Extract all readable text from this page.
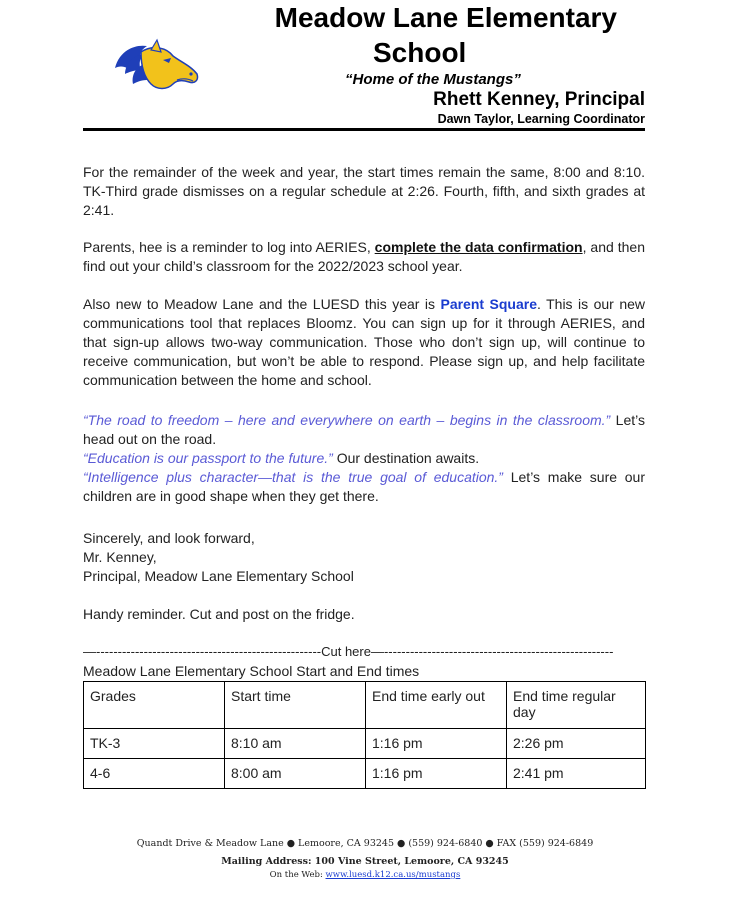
Meadow Lane Elementary
School
“Home of the Mustangs”
Rhett Kenney, Principal
Dawn Taylor, Learning Coordinator

For the remainder of the week and year, the start times remain the same, 8:00 and 8:10. TK-Third grade dismisses on a regular schedule at 2:26. Fourth, fifth, and sixth grades at 2:41.

Parents, hee is a reminder to log into AERIES, complete the data confirmation, and then find out your child’s classroom for the 2022/2023 school year.

Also new to Meadow Lane and the LUESD this year is Parent Square. This is our new communications tool that replaces Bloomz. You can sign up for it through AERIES, and that sign-up allows two-way communication. Those who don’t sign up, will continue to receive communication, but won’t be able to respond. Please sign up, and help facilitate communication between the home and school.

“The road to freedom – here and everywhere on earth – begins in the classroom.” Let’s head out on the road.
“Education is our passport to the future.” Our destination awaits.
“Intelligence plus character—that is the true goal of education.” Let’s make sure our children are in good shape when they get there.

Sincerely, and look forward,
Mr. Kenney,
Principal, Meadow Lane Elementary School

Handy reminder. Cut and post on the fridge.

—----------------------------------------------------Cut here—-----------------------------------------------------
Meadow Lane Elementary School Start and End times
Grades	Start time	End time early out	End time regular day
TK-3	8:10 am	1:16 pm	2:26 pm
4-6	8:00 am	1:16 pm	2:41 pm
Quandt Drive & Meadow Lane ● Lemoore, CA 93245 ● (559) 924-6840 ● FAX (559) 924-6849
Mailing Address: 100 Vine Street, Lemoore, CA 93245
On the Web: www.luesd.k12.ca.us/mustangs
